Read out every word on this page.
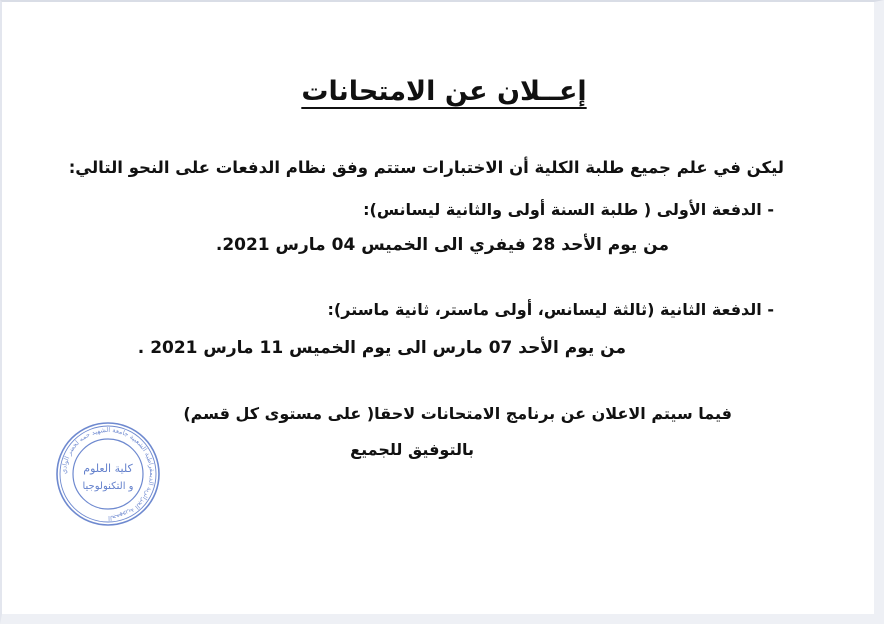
إعــلان عن الامتحانات

ليكن في علم جميع طلبة الكلية أن الاختبارات ستتم وفق نظام الدفعات على النحو التالي:

- الدفعة الأولى ( طلبة السنة أولى والثانية ليسانس):

من يوم الأحد 28 فيفري الى الخميس 04 مارس 2021.

- الدفعة الثانية (ثالثة ليسانس، أولى ماستر، ثانية ماستر):

من يوم الأحد 07 مارس الى يوم الخميس 11 مارس 2021 .

فيما سيتم الاعلان عن برنامج الامتحانات لاحقا( على مستوى كل قسم)

بالتوفيق للجميع

الجمهورية الجزائرية الديمقراطية الشعبية جامعة الشهيد حمه لخضر الوادي
كلية العلوم
و التكنولوجيا
